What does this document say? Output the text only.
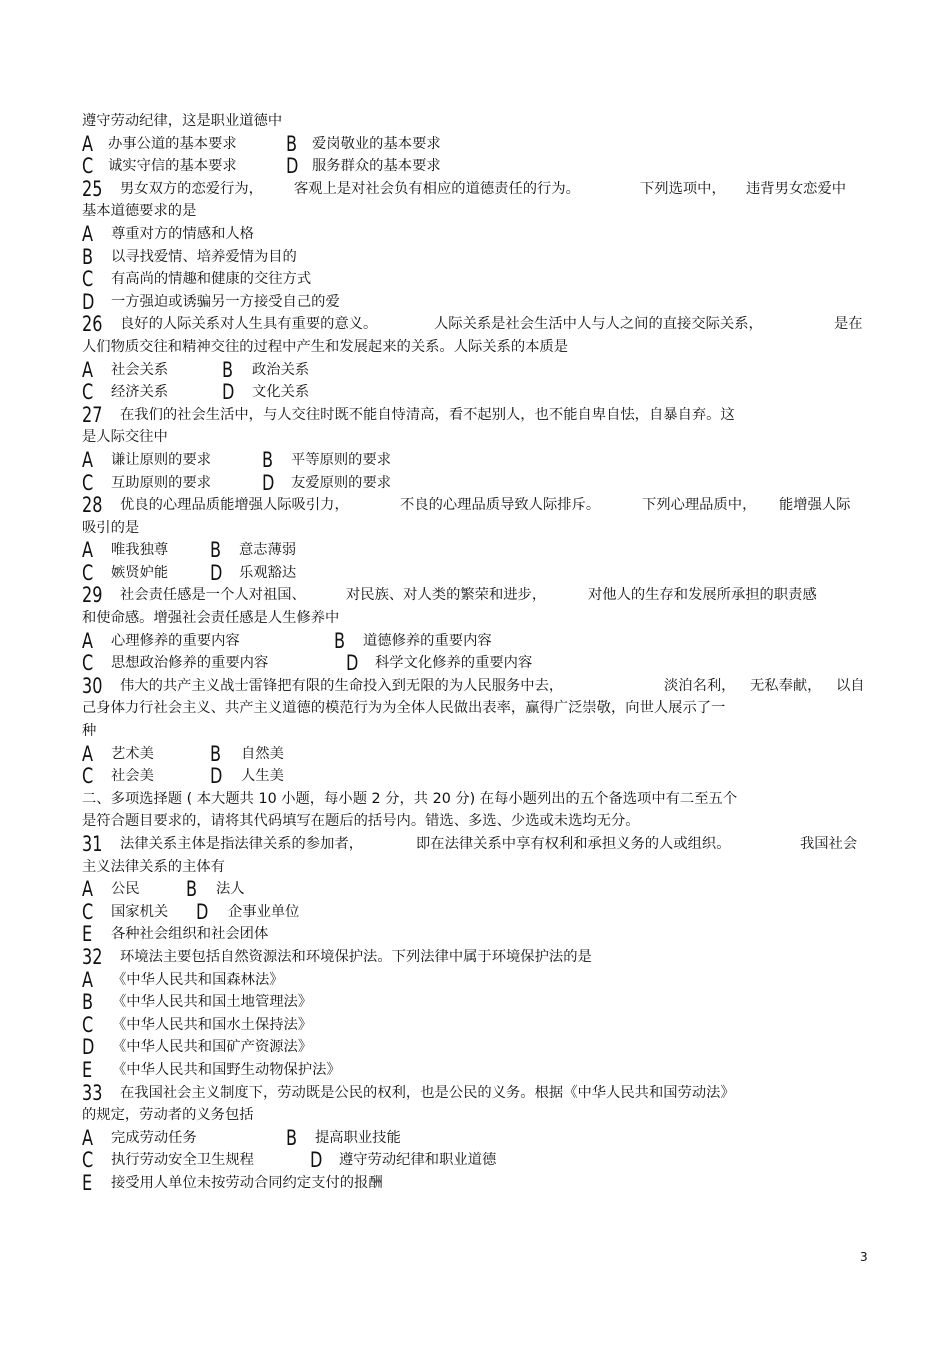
遵守劳动纪律，这是职业道德中
A 办事公道的基本要求 B 爱岗敬业的基本要求
C 诚实守信的基本要求 D 服务群众的基本要求
25 男女双方的恋爱行为， 客观上是对社会负有相应的道德责任的行为。	下列选项中， 违背男女恋爱中
基本道德要求的是
A 尊重对方的情感和人格
B 以寻找爱情、培养爱情为目的
C 有高尚的情趣和健康的交往方式
D 一方强迫或诱骗另一方接受自己的爱
26 良好的人际关系对人生具有重要的意义。	人际关系是社会生活中人与人之间的直接交际关系，	是在
人们物质交往和精神交往的过程中产生和发展起来的关系。人际关系的本质是
A 社会关系	B 政治关系
C 经济关系	D 文化关系
27 在我们的社会生活中，与人交往时既不能自恃清高，看不起别人，也不能自卑自怯，自暴自弃。这
是人际交往中
A 谦让原则的要求 B 平等原则的要求
C 互助原则的要求 D 友爱原则的要求
28 优良的心理品质能增强人际吸引力，	不良的心理品质导致人际排斥。	下列心理品质中， 能增强人际
吸引的是
A 唯我独尊 B 意志薄弱
C 嫉贤妒能 D 乐观豁达
29 社会责任感是一个人对祖国、	对民族、对人类的繁荣和进步，	对他人的生存和发展所承担的职责感
和使命感。增强社会责任感是人生修养中
A 心理修养的重要内容	B 道德修养的重要内容
C 思想政治修养的重要内容	D 科学文化修养的重要内容
30 伟大的共产主义战士雷锋把有限的生命投入到无限的为人民服务中去，	淡泊名利， 无私奉献， 以自
己身体力行社会主义、共产主义道德的模范行为为全体人民做出表率，赢得广泛崇敬，向世人展示了一
种
A 艺术美	B 自然美
C 社会美	D 人生美
二、多项选择题 ( 本大题共 10 小题，每小题 2 分，共 20 分) 在每小题列出的五个备选项中有二至五个
是符合题目要求的，请将其代码填写在题后的括号内。错选、多选、少选或未选均无分。
31 法律关系主体是指法律关系的参加者，	即在法律关系中享有权利和承担义务的人或组织。	我国社会
主义法律关系的主体有
A 公民 B 法人
C 国家机关 D 企事业单位
E 各种社会组织和社会团体
32 环境法主要包括自然资源法和环境保护法。下列法律中属于环境保护法的是
A 《中华人民共和国森林法》
B 《中华人民共和国土地管理法》
C 《中华人民共和国水土保持法》
D 《中华人民共和国矿产资源法》
E 《中华人民共和国野生动物保护法》
33 在我国社会主义制度下，劳动既是公民的权利，也是公民的义务。根据《中华人民共和国劳动法》
的规定，劳动者的义务包括
A 完成劳动任务	B 提高职业技能
C 执行劳动安全卫生规程	D 遵守劳动纪律和职业道德
E 接受用人单位未按劳动合同约定支付的报酬
3
